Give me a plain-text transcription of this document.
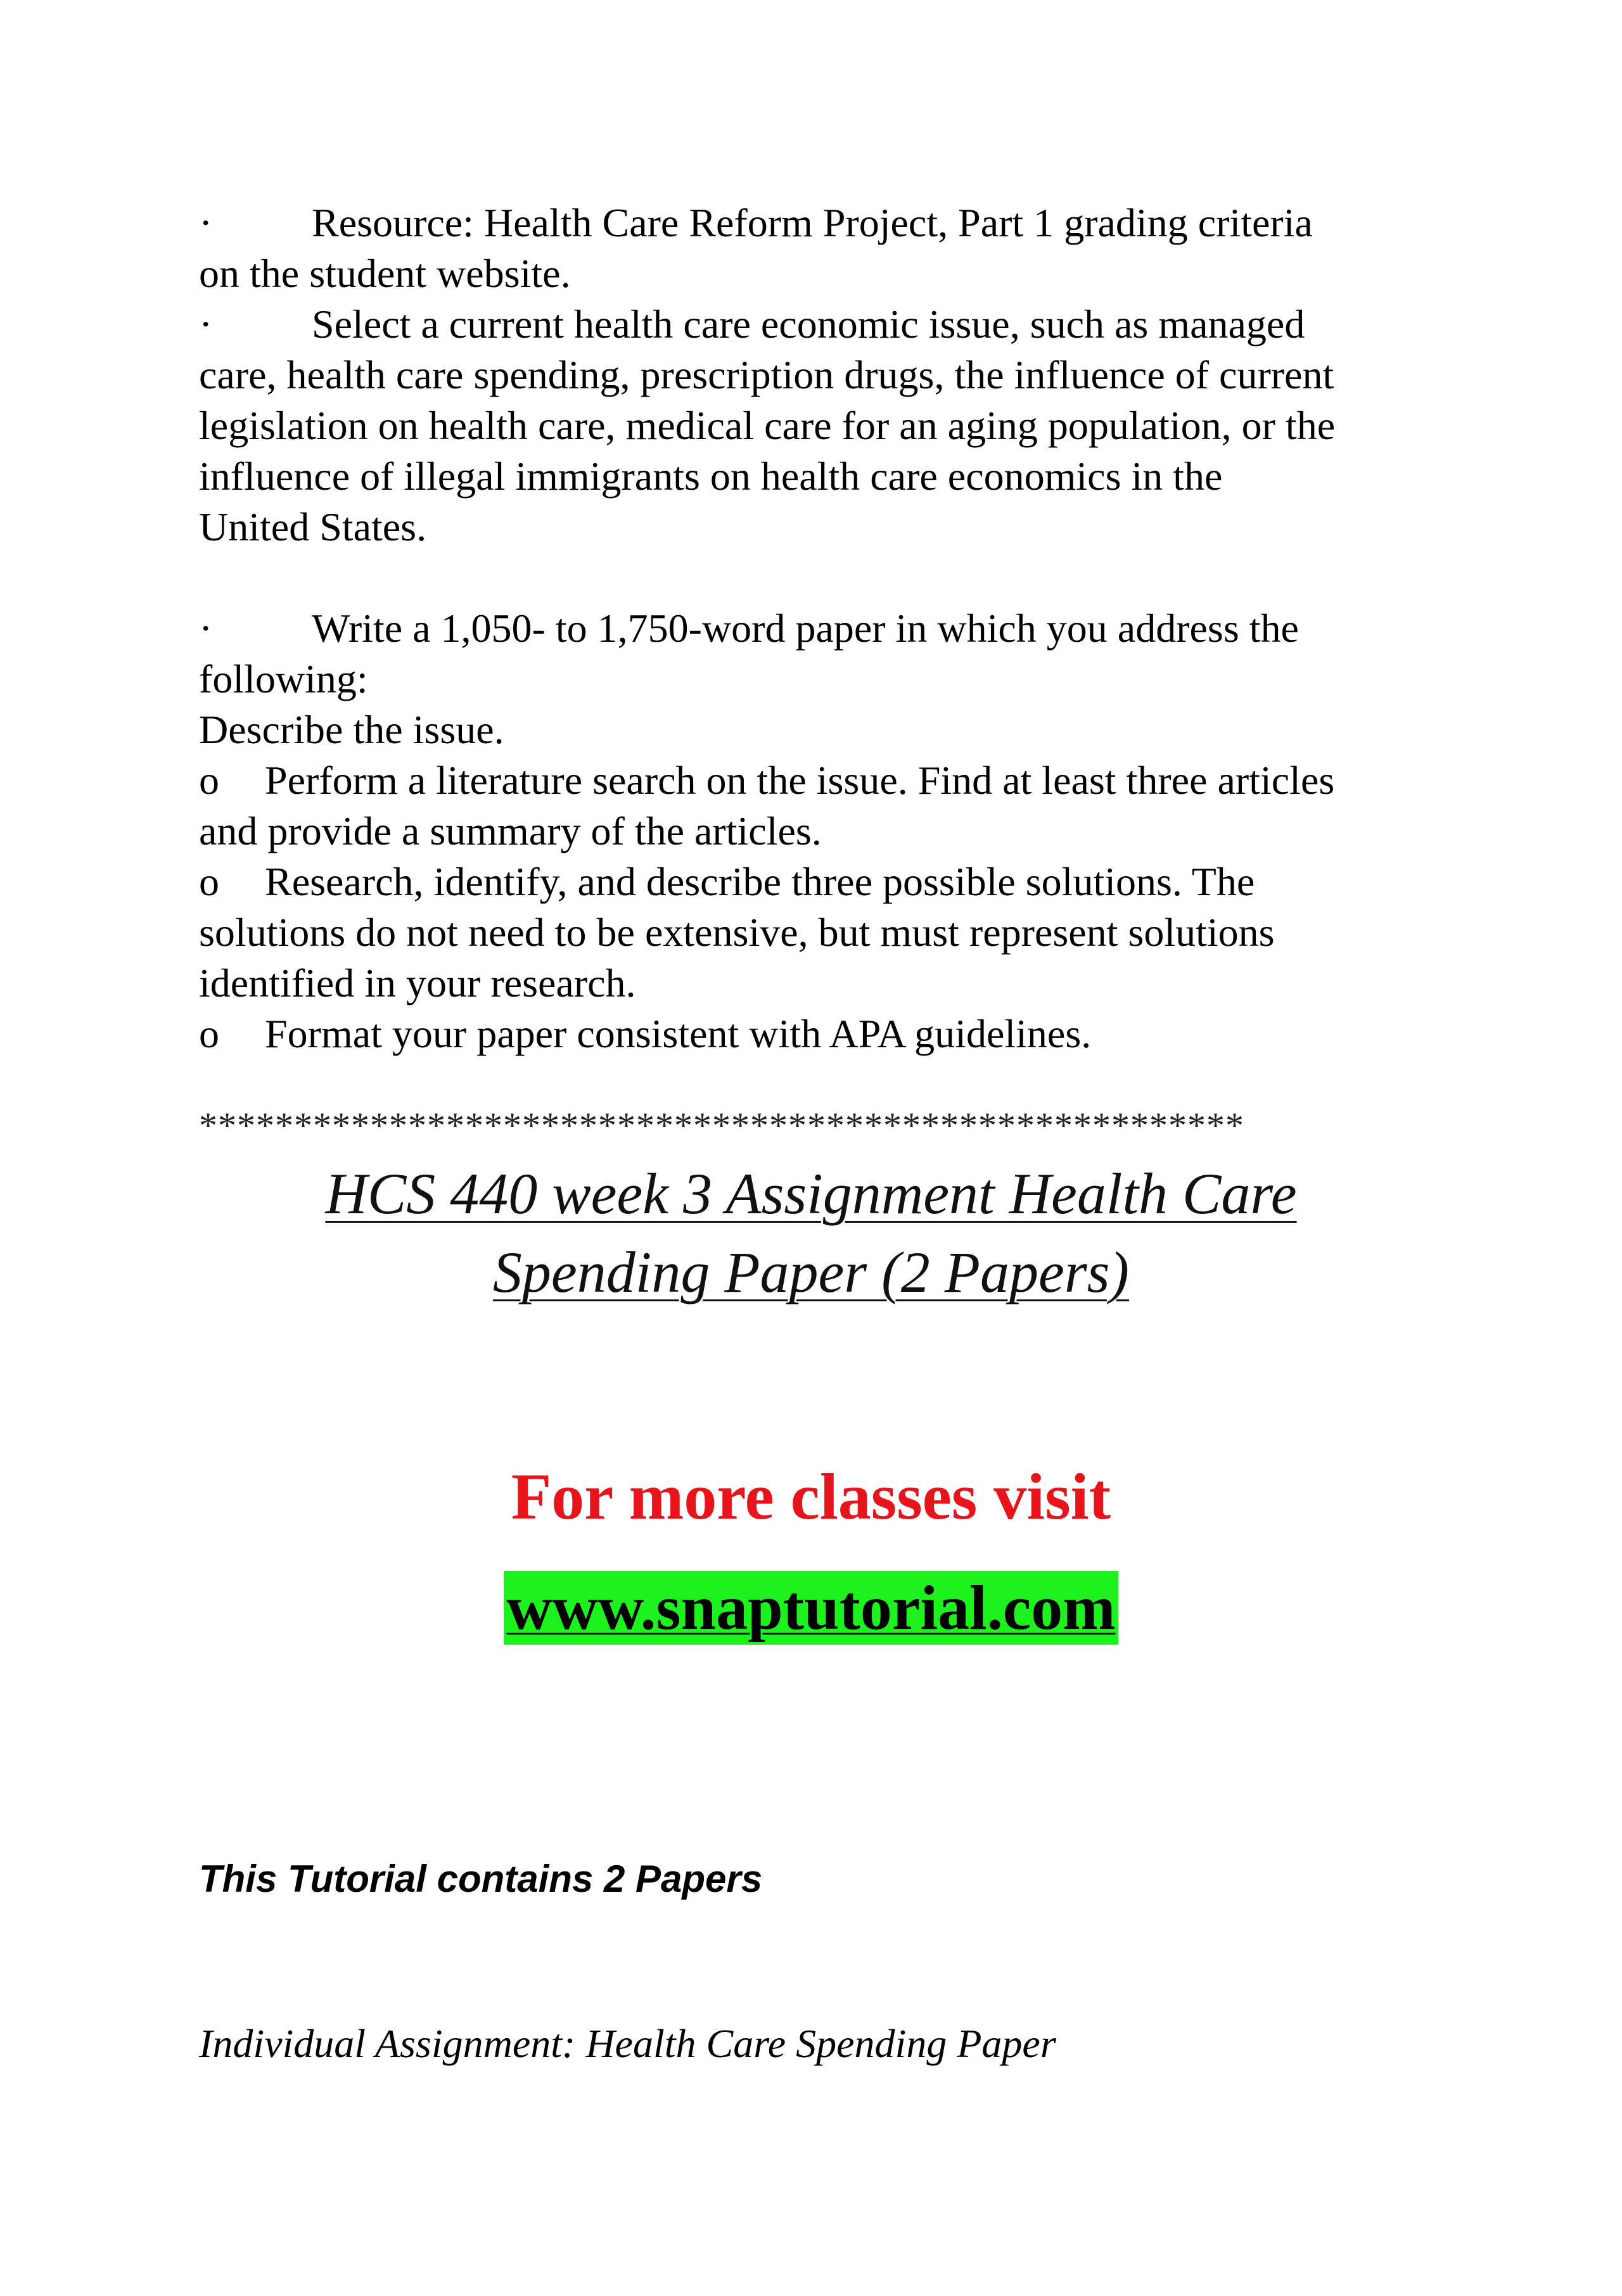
· Resource: Health Care Reform Project, Part 1 grading criteria
on the student website.
· Select a current health care economic issue, such as managed
care, health care spending, prescription drugs, the influence of current
legislation on health care, medical care for an aging population, or the
influence of illegal immigrants on health care economics in the
United States.
· Write a 1,050- to 1,750-word paper in which you address the
following:
Describe the issue.
o Perform a literature search on the issue. Find at least three articles
and provide a summary of the articles.
o Research, identify, and describe three possible solutions. The
solutions do not need to be extensive, but must represent solutions
identified in your research.
o Format your paper consistent with APA guidelines.
*******************************************************
HCS 440 week 3 Assignment Health Care
Spending Paper (2 Papers)
For more classes visit
www.snaptutorial.com
This Tutorial contains 2 Papers
Individual Assignment: Health Care Spending Paper
